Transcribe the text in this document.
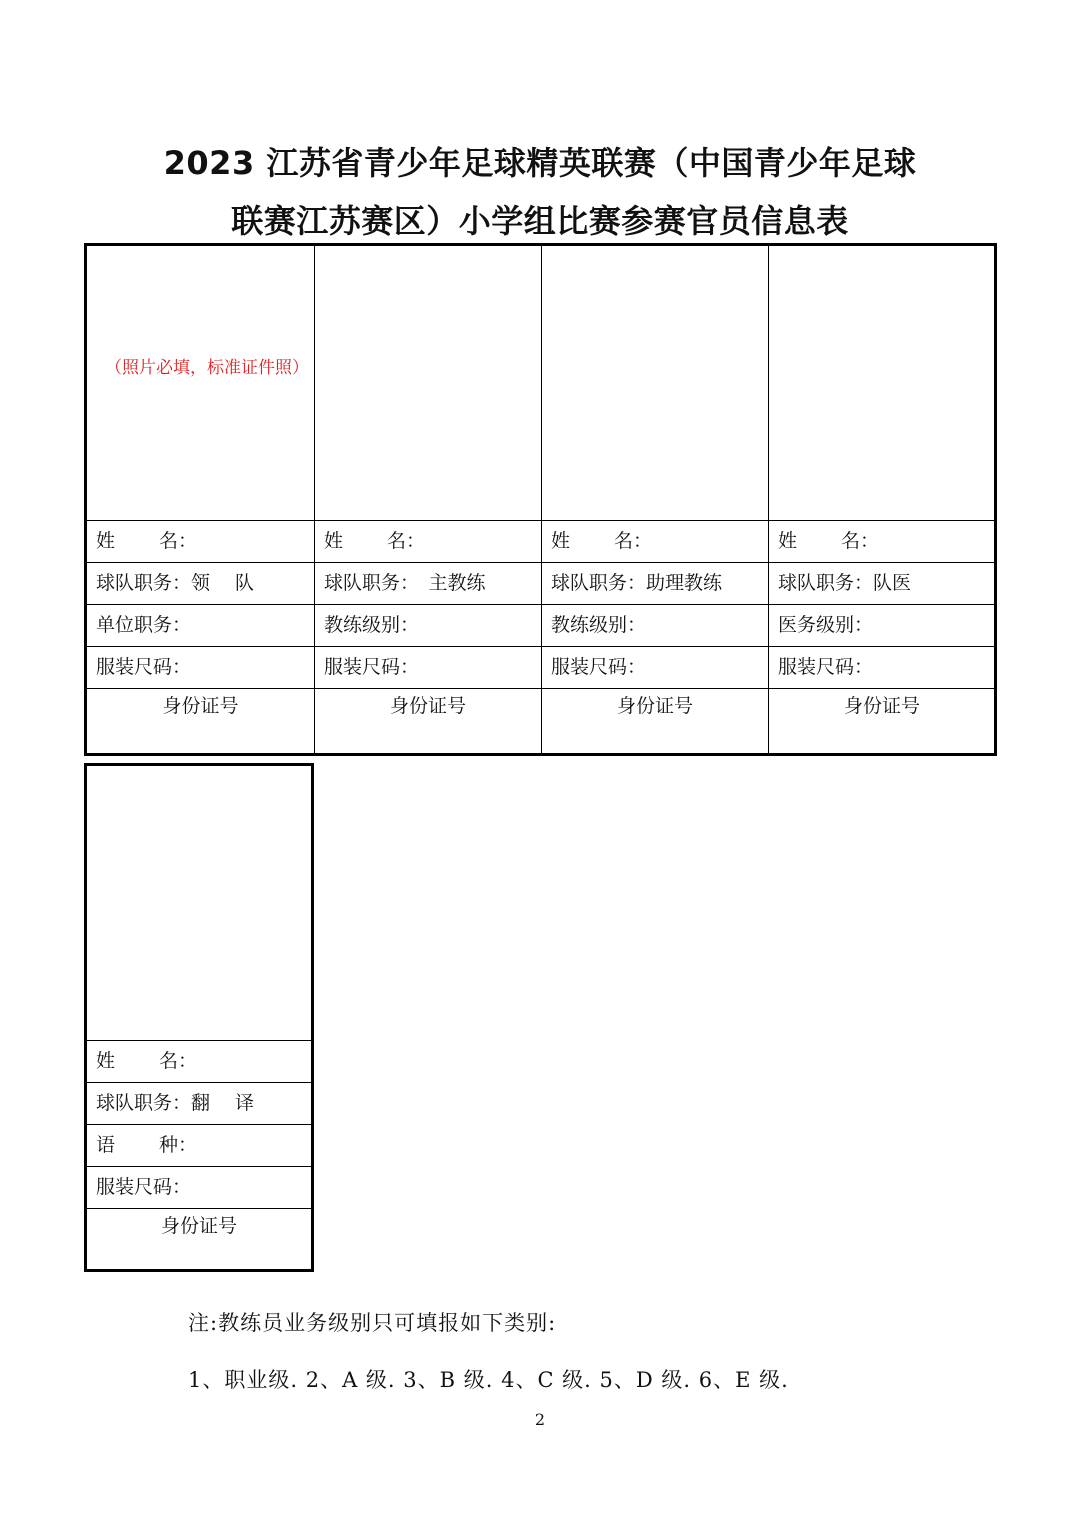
2023 江苏省青少年足球精英联赛（中国青少年足球
联赛江苏赛区）小学组比赛参赛官员信息表
（照片必填，标准证件照）
姓 名：
球队职务：领　 队
单位职务：
服装尺码：
身份证号
姓 名：
球队职务：　主教练
教练级别：
服装尺码：
身份证号
姓 名：
球队职务：助理教练
教练级别：
服装尺码：
身份证号
姓 名：
球队职务：队医
医务级别：
服装尺码：
身份证号
姓 名：
球队职务：翻　 译
语 种：
服装尺码：
身份证号
注:教练员业务级别只可填报如下类别:
1、职业级. 2、A 级. 3、B 级. 4、C 级. 5、D 级. 6、E 级.
2
